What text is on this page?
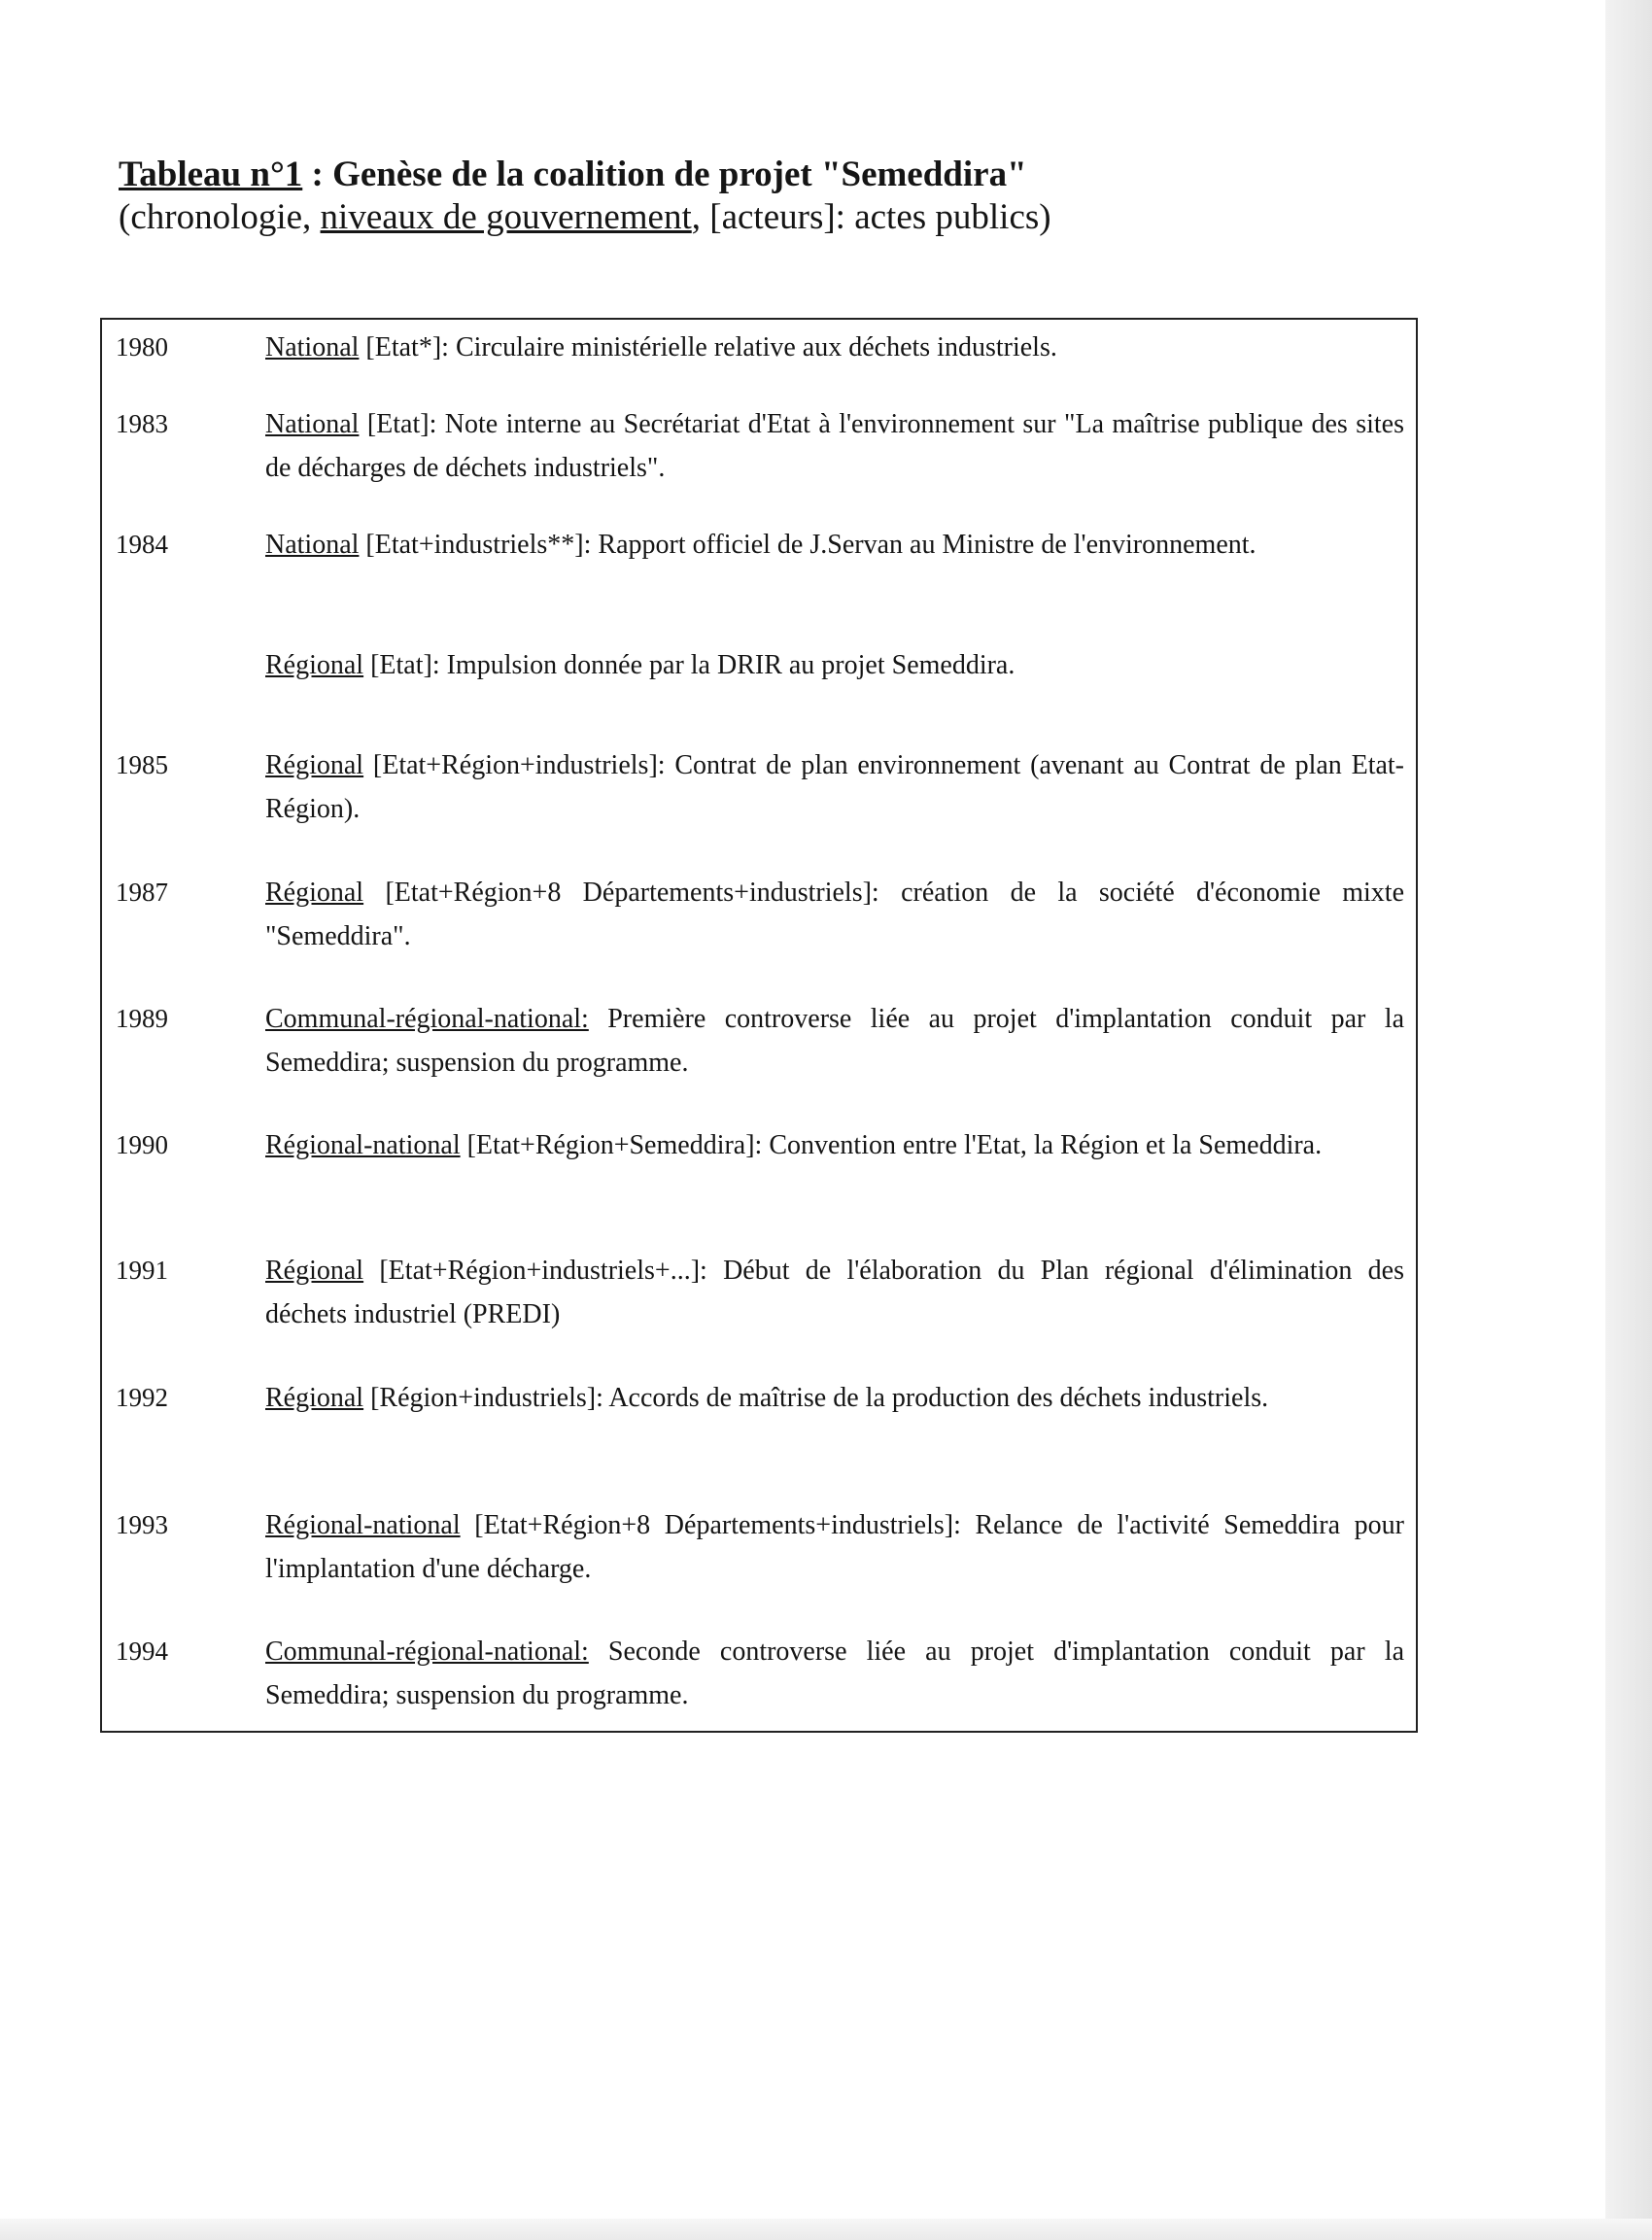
Tableau n°1 : Genèse de la coalition de projet "Semeddira"
(chronologie, niveaux de gouvernement, [acteurs]: actes publics)
1980	National [Etat*]: Circulaire ministérielle relative aux déchets industriels.
1983	National [Etat]: Note interne au Secrétariat d'Etat à l'environnement sur "La maîtrise publique des sites de décharges de déchets industriels".
1984	National [Etat+industriels**]: Rapport officiel de J.Servan au Ministre de l'environnement.
Régional [Etat]: Impulsion donnée par la DRIR au projet Semeddira.
1985	Régional [Etat+Région+industriels]: Contrat de plan environnement (avenant au Contrat de plan Etat-Région).
1987	Régional [Etat+Région+8 Départements+industriels]: création de la société d'économie mixte "Semeddira".
1989	Communal-régional-national: Première controverse liée au projet d'implantation conduit par la Semeddira; suspension du programme.
1990	Régional-national [Etat+Région+Semeddira]: Convention entre l'Etat, la Région et la Semeddira.
1991	Régional [Etat+Région+industriels+...]: Début de l'élaboration du Plan régional d'élimination des déchets industriel (PREDI)
1992	Régional [Région+industriels]: Accords de maîtrise de la production des déchets industriels.
1993	Régional-national [Etat+Région+8 Départements+industriels]: Relance de l'activité Semeddira pour l'implantation d'une décharge.
1994	Communal-régional-national: Seconde controverse liée au projet d'implantation conduit par la Semeddira; suspension du programme.
